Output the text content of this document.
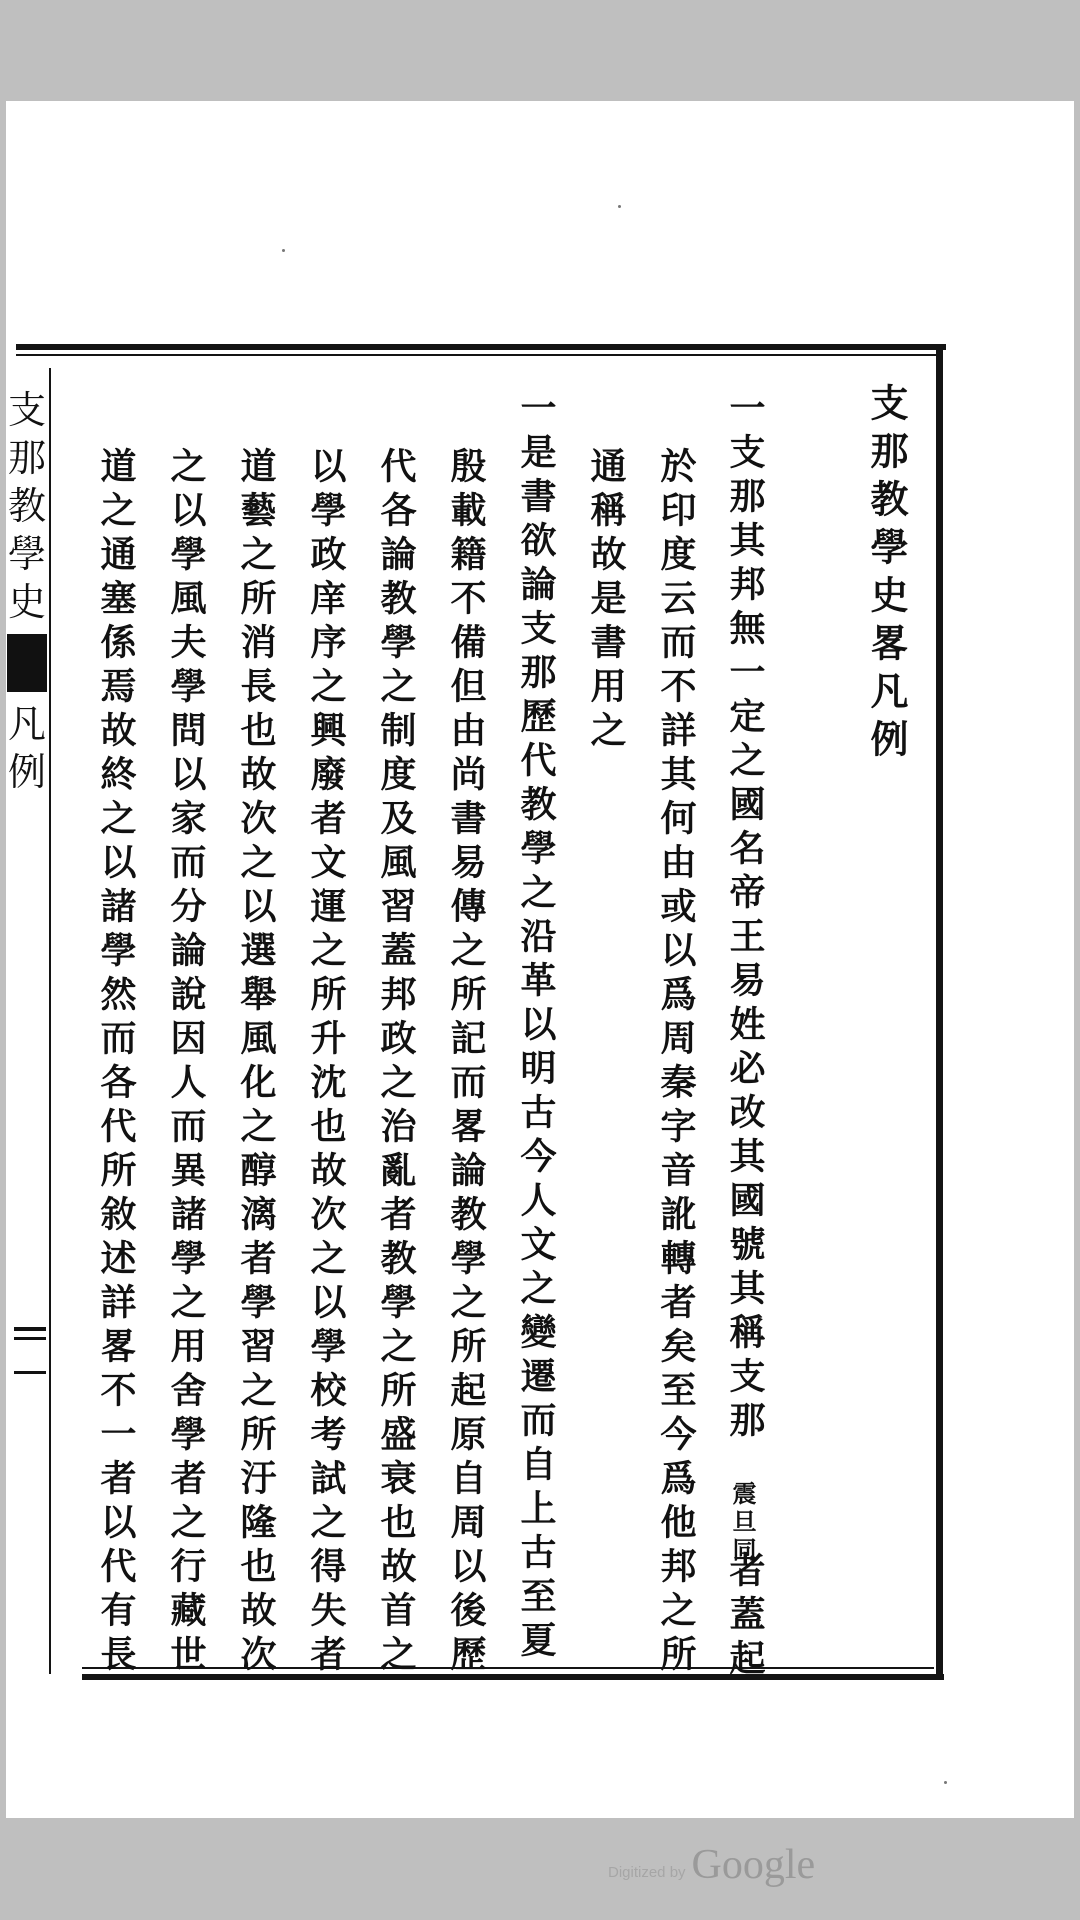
支
那
教
學
史
凡
例
支那教學史畧凡例
一支那其邦無一定之國名帝王易姓必改其國號其稱支那
震旦同
者蓋起
於印度云而不詳其何由或以爲周秦字音訛轉者矣至今爲他邦之所
通稱故是書用之
一是書欲論支那歷代教學之沿革以明古今人文之變遷而自上古至夏
殷載籍不備但由尚書易傳之所記而畧論教學之所起原自周以後歷
代各論教學之制度及風習蓋邦政之治亂者教學之所盛衰也故首之
以學政庠序之興廢者文運之所升沈也故次之以學校考試之得失者
道藝之所消長也故次之以選舉風化之醇漓者學習之所汙隆也故次
之以學風夫學問以家而分論說因人而異諸學之用舍學者之行藏世
道之通塞係焉故終之以諸學然而各代所敘述詳畧不一者以代有長
Digitized by Google
